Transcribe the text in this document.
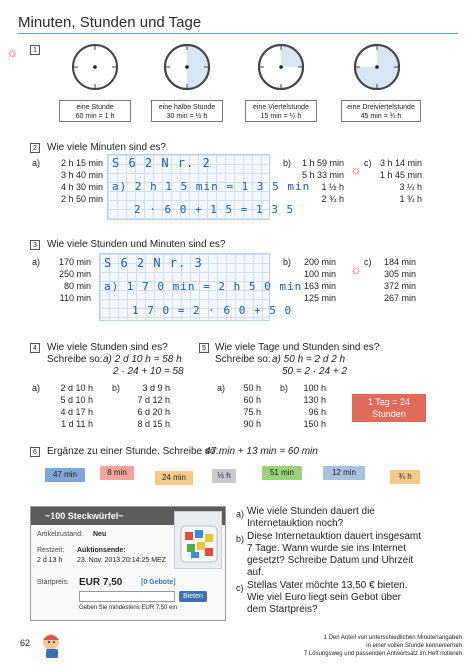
Minuten, Stunden und Tage
☼	1
eine Stunde
60 min = 1 h
eine halbe Stunde
30 min = ½ h
eine Viertelstunde
15 min = ¼ h
eine Dreiviertelstunde
45 min = ¾ h
2	Wie viele Minuten sind es?
a)	2 h 15 min
3 h 40 min
4 h 30 min
2 h 50 min
S 6 2 N r. 2
a) 2 h 1 5 min = 1 3 5 min
2 · 6 0 + 1 5 = 1 3 5
b)	1 h 59 min
5 h 33 min
1 ½ h
2 ¾ h
☼ c) 3 h 14 min
1 h 45 min
3 ¼ h
1 ¾ h
3	Wie viele Stunden und Minuten sind es?
a)	170 min
250 min
80 min
110 min
S 6 2 N r. 3
a) 1 7 0 min = 2 h 5 0 min
1 7 0 = 2 · 6 0 + 5 0
b)	200 min
100 min
163 min
125 min
☼ c)	184 min
305 min
372 min
267 min
4	Wie viele Stunden sind es?
Schreibe so: a) 2 d 10 h = 58 h
2 · 24 + 10 = 58
a)	2 d 10 h
5 d 10 h
4 d 17 h
1 d 11 h
b)	3 d 9 h
7 d 12 h
6 d 20 h
8 d 15 h
5 Wie viele Tage und Stunden sind es?
Schreibe so: a) 50 h = 2 d 2 h
50 = 2 · 24 + 2
a)	50 h
60 h
75 h
90 h
b)	100 h
130 h
96 h
150 h
1 Tag = 24 Stunden
1 d = 24 h
6	Ergänze zu einer Stunde. Schreibe so:
47 min + 13 min = 60 min
47 min	8 min
24 min	½ h	51 min	12 min	¾ h
~100 Steckwürfel~
Artikelzustand: Neu
Restzeit: Auktionsende:
2 d 13 h 23. Nov. 2013 20:14:25 MEZ
Startpreis: EUR 7,50	[0 Gebote]
Bieten
Geben Sie mindestens EUR 7,50 ein
a) Wie viele Stunden dauert die Internetauktion noch?
b) Diese Internetauktion dauert insgesamt 7 Tage. Wann wurde sie ins Internet gesetzt? Schreibe Datum und Uhrzeit auf.
c) Stellas Vater möchte 13,50 € bieten. Wie viel Euro liegt sein Gebot über dem Startpreis?
62	1 Den Anteil von unterschiedlichen Minutenangaben
in einer vollen Stunde kennenlernen
7 Lösungsweg und passenden Antwortsatz im Heft notieren
